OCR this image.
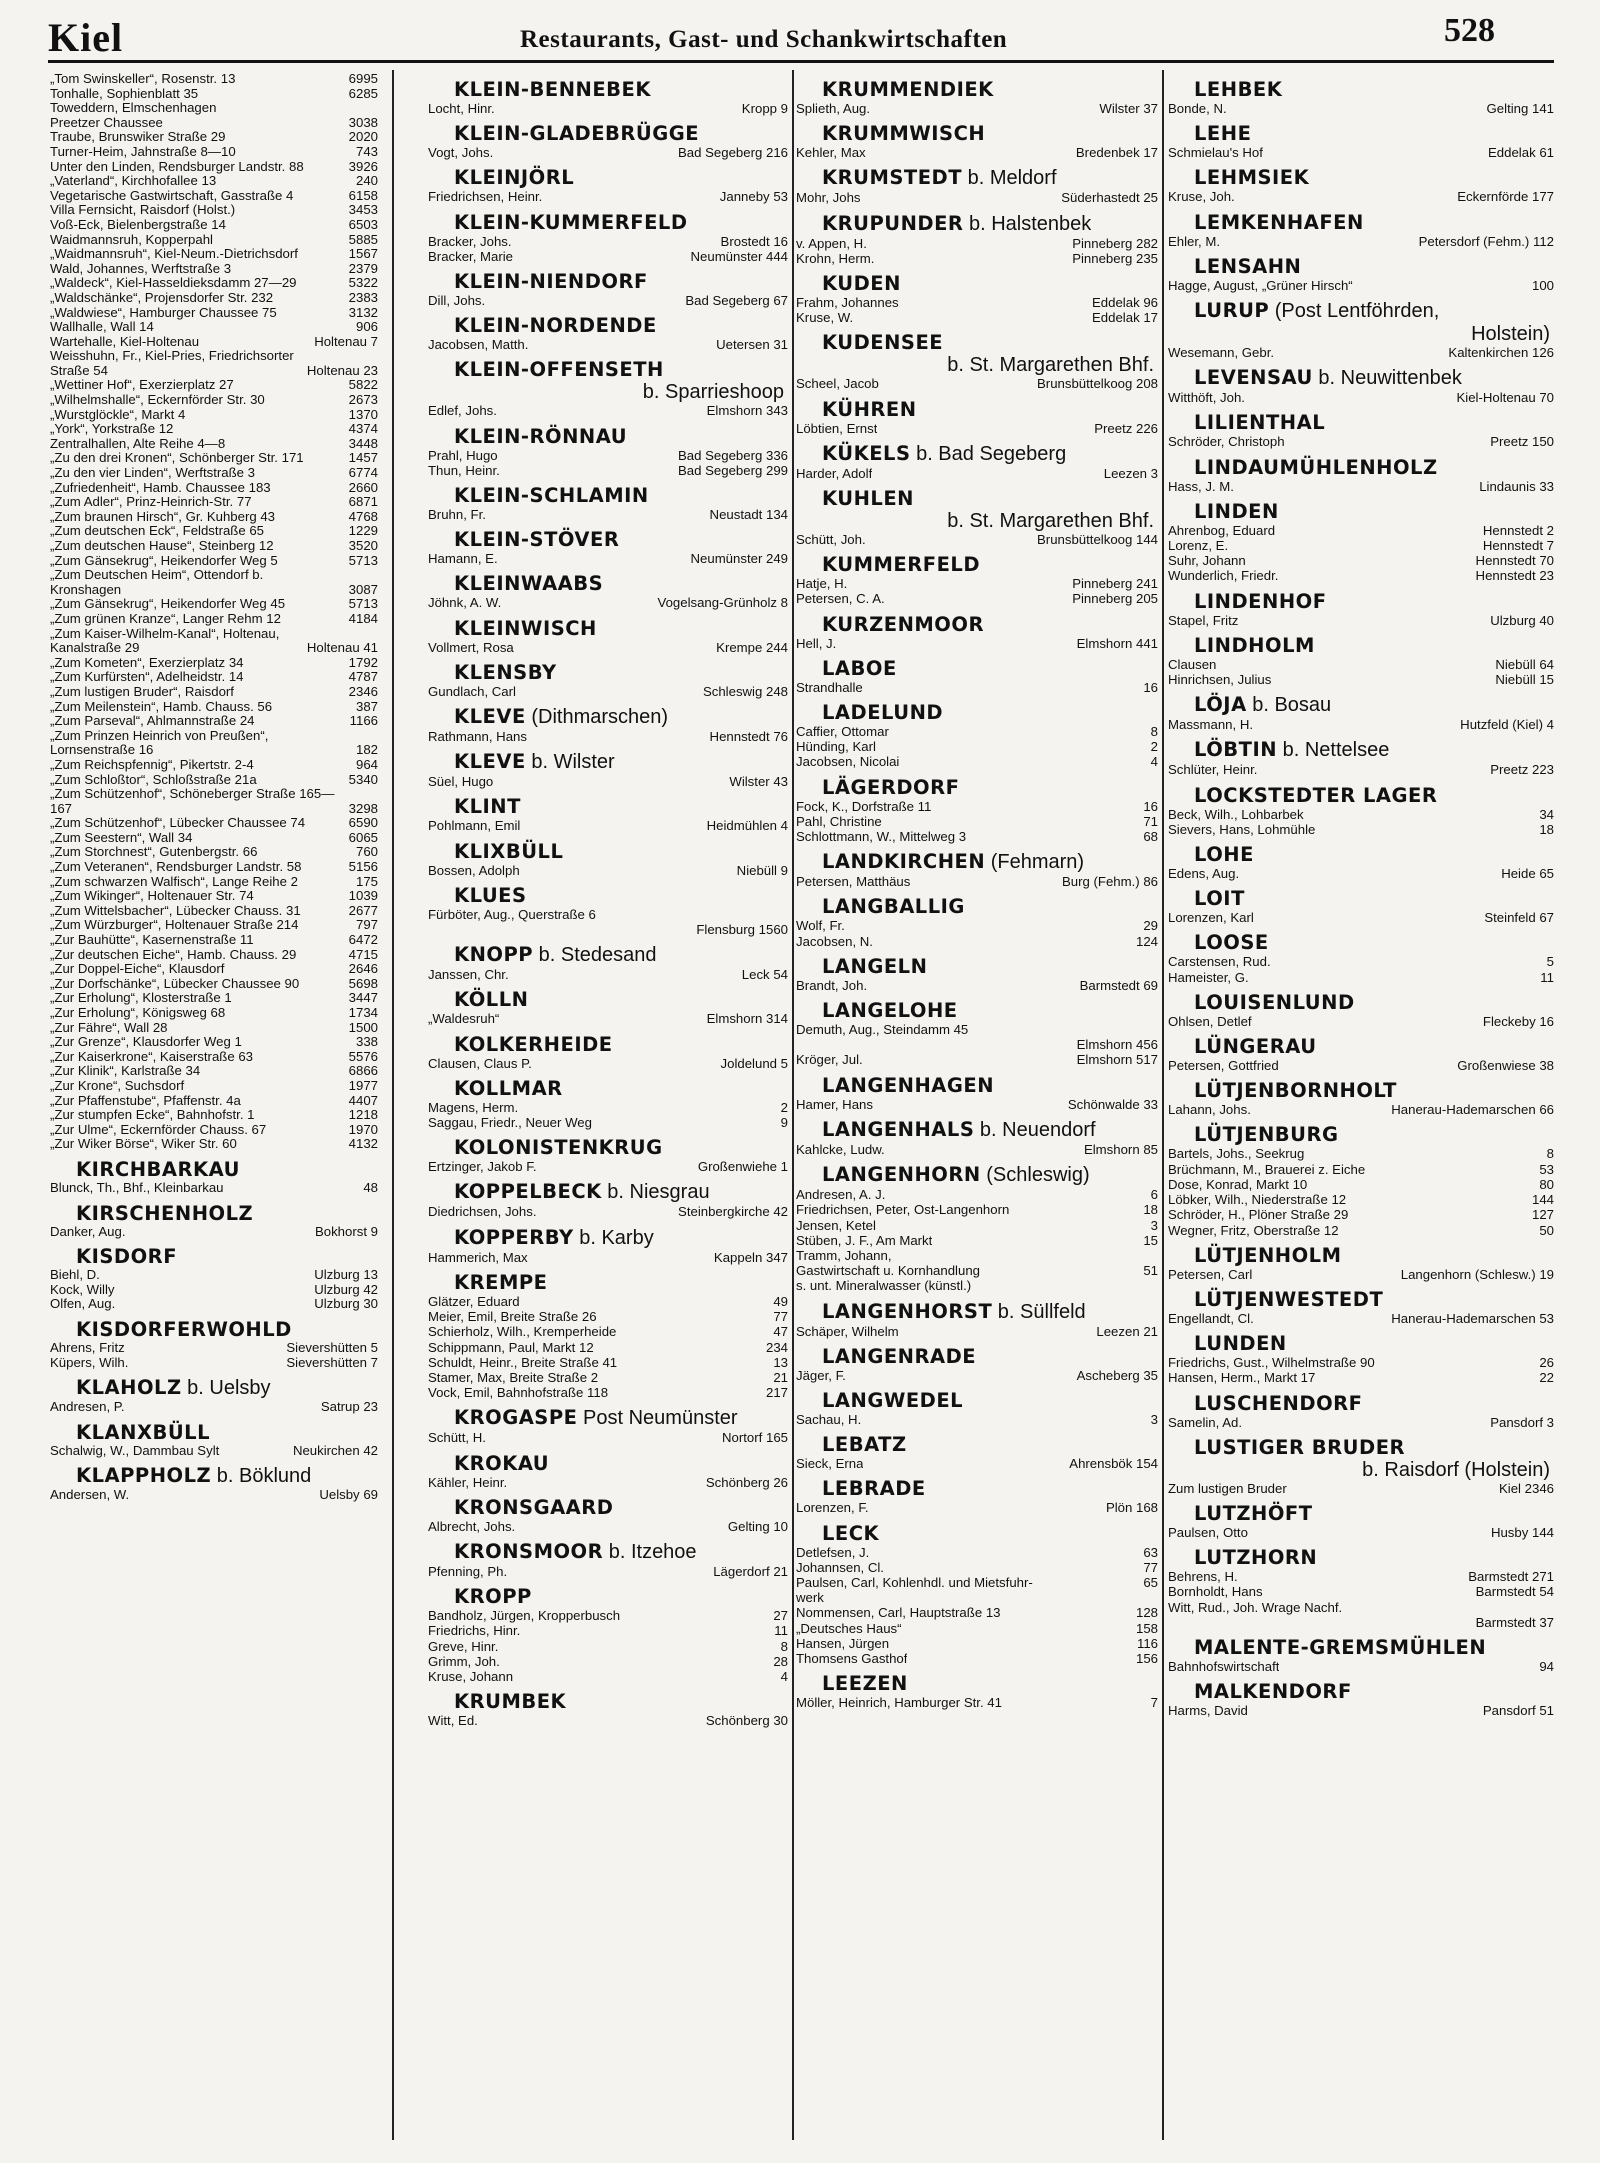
Kiel	Restaurants, Gast- und Schankwirtschaften	528
„Tom Swinskeller“, Rosenstr. 13	6995
Tonhalle, Sophienblatt 35	6285
Toweddern, Elmschenhagen
Preetzer Chaussee	3038
Traube, Brunswiker Straße 29	2020
Turner-Heim, Jahnstraße 8—10	743
Unter den Linden, Rendsburger Landstr. 88	3926
„Vaterland“, Kirchhofallee 13	240
Vegetarische Gastwirtschaft, Gasstraße 4	6158
Villa Fernsicht, Raisdorf (Holst.)	3453
Voß-Eck, Bielenbergstraße 14	6503
Waidmannsruh, Kopperpahl	5885
„Waidmannsruh“, Kiel-Neum.-Dietrichsdorf	1567
Wald, Johannes, Werftstraße 3	2379
„Waldeck“, Kiel-Hasseldieksdamm 27—29	5322
„Waldschänke“, Projensdorfer Str. 232	2383
„Waldwiese“, Hamburger Chaussee 75	3132
Wallhalle, Wall 14	906
Wartehalle, Kiel-Holtenau	Holtenau 7
Weisshuhn, Fr., Kiel-Pries, Friedrichsorter Straße 54	Holtenau 23
„Wettiner Hof“, Exerzierplatz 27	5822
„Wilhelmshalle“, Eckernförder Str. 30	2673
„Wurstglöckle“, Markt 4	1370
„York“, Yorkstraße 12	4374
Zentralhallen, Alte Reihe 4—8	3448
„Zu den drei Kronen“, Schönberger Str. 171	1457
„Zu den vier Linden“, Werftstraße 3	6774
„Zufriedenheit“, Hamb. Chaussee 183	2660
„Zum Adler“, Prinz-Heinrich-Str. 77	6871
„Zum braunen Hirsch“, Gr. Kuhberg 43	4768
„Zum deutschen Eck“, Feldstraße 65	1229
„Zum deutschen Hause“, Steinberg 12	3520
„Zum Gänsekrug“, Heikendorfer Weg 5	5713
„Zum Deutschen Heim“, Ottendorf b. Kronshagen	3087
„Zum Gänsekrug“, Heikendorfer Weg 45	5713
„Zum grünen Kranze“, Langer Rehm 12	4184
„Zum Kaiser-Wilhelm-Kanal“, Holtenau, Kanalstraße 29	Holtenau 41
„Zum Kometen“, Exerzierplatz 34	1792
„Zum Kurfürsten“, Adelheidstr. 14	4787
„Zum lustigen Bruder“, Raisdorf	2346
„Zum Meilenstein“, Hamb. Chauss. 56	387
„Zum Parseval“, Ahlmannstraße 24	1166
„Zum Prinzen Heinrich von Preußen“, Lornsenstraße 16	182
„Zum Reichspfennig“, Pikertstr. 2-4	964
„Zum Schloßtor“, Schloßstraße 21a	5340
„Zum Schützenhof“, Schöneberger Straße 165—167	3298
„Zum Schützenhof“, Lübecker Chaussee 74	6590
„Zum Seestern“, Wall 34	6065
„Zum Storchnest“, Gutenbergstr. 66	760
„Zum Veteranen“, Rendsburger Landstr. 58	5156
„Zum schwarzen Walfisch“, Lange Reihe 2	175
„Zum Wikinger“, Holtenauer Str. 74	1039
„Zum Wittelsbacher“, Lübecker Chauss. 31	2677
„Zum Würzburger“, Holtenauer Straße 214	797
„Zur Bauhütte“, Kasernenstraße 11	6472
„Zur deutschen Eiche“, Hamb. Chauss. 29	4715
„Zur Doppel-Eiche“, Klausdorf	2646
„Zur Dorfschänke“, Lübecker Chaussee 90	5698
„Zur Erholung“, Klosterstraße 1	3447
„Zur Erholung“, Königsweg 68	1734
„Zur Fähre“, Wall 28	1500
„Zur Grenze“, Klausdorfer Weg 1	338
„Zur Kaiserkrone“, Kaiserstraße 63	5576
„Zur Klinik“, Karlstraße 34	6866
„Zur Krone“, Suchsdorf	1977
„Zur Pfaffenstube“, Pfaffenstr. 4a	4407
„Zur stumpfen Ecke“, Bahnhofstr. 1	1218
„Zur Ulme“, Eckernförder Chauss. 67	1970
„Zur Wiker Börse“, Wiker Str. 60	4132
KIRCHBARKAU
Blunck, Th., Bhf., Kleinbarkau	48
KIRSCHENHOLZ
Danker, Aug.	Bokhorst 9
KISDORF
Biehl, D.	Ulzburg 13
Kock, Willy	Ulzburg 42
Olfen, Aug.	Ulzburg 30
KISDORFERWOHLD
Ahrens, Fritz	Sievershütten 5
Küpers, Wilh.	Sievershütten 7
KLAHOLZ b. Uelsby
Andresen, P.	Satrup 23
KLANXBÜLL
Schalwig, W., Dammbau Sylt	Neukirchen 42
KLAPPHOLZ b. Böklund
Andersen, W.	Uelsby 69
KLEIN-BENNEBEK
Locht, Hinr.	Kropp 9
KLEIN-GLADEBRÜGGE
Vogt, Johs.	Bad Segeberg 216
KLEINJÖRL
Friedrichsen, Heinr.	Janneby 53
KLEIN-KUMMERFELD
Bracker, Johs.	Brostedt 16
Bracker, Marie	Neumünster 444
KLEIN-NIENDORF
Dill, Johs.	Bad Segeberg 67
KLEIN-NORDENDE
Jacobsen, Matth.	Uetersen 31
KLEIN-OFFENSETH
b. Sparrieshoop
Edlef, Johs.	Elmshorn 343
KLEIN-RÖNNAU
Prahl, Hugo	Bad Segeberg 336
Thun, Heinr.	Bad Segeberg 299
KLEIN-SCHLAMIN
Bruhn, Fr.	Neustadt 134
KLEIN-STÖVER
Hamann, E.	Neumünster 249
KLEINWAABS
Jöhnk, A. W.	Vogelsang-Grünholz 8
KLEINWISCH
Vollmert, Rosa	Krempe 244
KLENSBY
Gundlach, Carl	Schleswig 248
KLEVE (Dithmarschen)
Rathmann, Hans	Hennstedt 76
KLEVE b. Wilster
Süel, Hugo	Wilster 43
KLINT
Pohlmann, Emil	Heidmühlen 4
KLIXBÜLL
Bossen, Adolph	Niebüll 9
KLUES
Fürböter, Aug., Querstraße 6
Flensburg 1560
KNOPP b. Stedesand
Janssen, Chr.	Leck 54
KÖLLN
„Waldesruh“	Elmshorn 314
KOLKERHEIDE
Clausen, Claus P.	Joldelund 5
KOLLMAR
Magens, Herm.	2
Saggau, Friedr., Neuer Weg	9
KOLONISTENKRUG
Ertzinger, Jakob F.	Großenwiehe 1
KOPPELBECK b. Niesgrau
Diedrichsen, Johs.	Steinbergkirche 42
KOPPERBY b. Karby
Hammerich, Max	Kappeln 347
KREMPE
Glätzer, Eduard	49
Meier, Emil, Breite Straße 26	77
Schierholz, Wilh., Kremperheide	47
Schippmann, Paul, Markt 12	234
Schuldt, Heinr., Breite Straße 41	13
Stamer, Max, Breite Straße 2	21
Vock, Emil, Bahnhofstraße 118	217
KROGASPE Post Neumünster
Schütt, H.	Nortorf 165
KROKAU
Kähler, Heinr.	Schönberg 26
KRONSGAARD
Albrecht, Johs.	Gelting 10
KRONSMOOR b. Itzehoe
Pfenning, Ph.	Lägerdorf 21
KROPP
Bandholz, Jürgen, Kropperbusch	27
Friedrichs, Hinr.	11
Greve, Hinr.	8
Grimm, Joh.	28
Kruse, Johann	4
KRUMBEK
Witt, Ed.	Schönberg 30
KRUMMENDIEK
Splieth, Aug.	Wilster 37
KRUMMWISCH
Kehler, Max	Bredenbek 17
KRUMSTEDT b. Meldorf
Mohr, Johs	Süderhastedt 25
KRUPUNDER b. Halstenbek
v. Appen, H.	Pinneberg 282
Krohn, Herm.	Pinneberg 235
KUDEN
Frahm, Johannes	Eddelak 96
Kruse, W.	Eddelak 17
KUDENSEE
b. St. Margarethen Bhf.
Scheel, Jacob	Brunsbüttelkoog 208
KÜHREN
Löbtien, Ernst	Preetz 226
KÜKELS b. Bad Segeberg
Harder, Adolf	Leezen 3
KUHLEN
b. St. Margarethen Bhf.
Schütt, Joh.	Brunsbüttelkoog 144
KUMMERFELD
Hatje, H.	Pinneberg 241
Petersen, C. A.	Pinneberg 205
KURZENMOOR
Hell, J.	Elmshorn 441
LABOE
Strandhalle	16
LADELUND
Caffier, Ottomar	8
Hünding, Karl	2
Jacobsen, Nicolai	4
LÄGERDORF
Fock, K., Dorfstraße 11	16
Pahl, Christine	71
Schlottmann, W., Mittelweg 3	68
LANDKIRCHEN (Fehmarn)
Petersen, Matthäus	Burg (Fehm.) 86
LANGBALLIG
Wolf, Fr.	29
Jacobsen, N.	124
LANGELN
Brandt, Joh.	Barmstedt 69
LANGELOHE
Demuth, Aug., Steindamm 45
Elmshorn 456
Kröger, Jul.	Elmshorn 517
LANGENHAGEN
Hamer, Hans	Schönwalde 33
LANGENHALS b. Neuendorf
Kahlcke, Ludw.	Elmshorn 85
LANGENHORN (Schleswig)
Andresen, A. J.	6
Friedrichsen, Peter, Ost-Langenhorn	18
Jensen, Ketel	3
Stüben, J. F., Am Markt	15
Tramm, Johann,
Gastwirtschaft u. Kornhandlung	51
s. unt. Mineralwasser (künstl.)
LANGENHORST b. Süllfeld
Schäper, Wilhelm	Leezen 21
LANGENRADE
Jäger, F.	Ascheberg 35
LANGWEDEL
Sachau, H.	3
LEBATZ
Sieck, Erna	Ahrensbök 154
LEBRADE
Lorenzen, F.	Plön 168
LECK
Detlefsen, J.	63
Johannsen, Cl.	77
Paulsen, Carl, Kohlenhdl. und Mietsfuhr-	65
werk
Nommensen, Carl, Hauptstraße 13	128
„Deutsches Haus“	158
Hansen, Jürgen	116
Thomsens Gasthof	156
LEEZEN
Möller, Heinrich, Hamburger Str. 41	7
LEHBEK
Bonde, N.	Gelting 141
LEHE
Schmielau's Hof	Eddelak 61
LEHMSIEK
Kruse, Joh.	Eckernförde 177
LEMKENHAFEN
Ehler, M.	Petersdorf (Fehm.) 112
LENSAHN
Hagge, August, „Grüner Hirsch“	100
LURUP (Post Lentföhrden,
Holstein)
Wesemann, Gebr.	Kaltenkirchen 126
LEVENSAU b. Neuwittenbek
Witthöft, Joh.	Kiel-Holtenau 70
LILIENTHAL
Schröder, Christoph	Preetz 150
LINDAUMÜHLENHOLZ
Hass, J. M.	Lindaunis 33
LINDEN
Ahrenbog, Eduard	Hennstedt 2
Lorenz, E.	Hennstedt 7
Suhr, Johann	Hennstedt 70
Wunderlich, Friedr.	Hennstedt 23
LINDENHOF
Stapel, Fritz	Ulzburg 40
LINDHOLM
Clausen	Niebüll 64
Hinrichsen, Julius	Niebüll 15
LÖJA b. Bosau
Massmann, H.	Hutzfeld (Kiel) 4
LÖBTIN b. Nettelsee
Schlüter, Heinr.	Preetz 223
LOCKSTEDTER LAGER
Beck, Wilh., Lohbarbek	34
Sievers, Hans, Lohmühle	18
LOHE
Edens, Aug.	Heide 65
LOIT
Lorenzen, Karl	Steinfeld 67
LOOSE
Carstensen, Rud.	5
Hameister, G.	11
LOUISENLUND
Ohlsen, Detlef	Fleckeby 16
LÜNGERAU
Petersen, Gottfried	Großenwiese 38
LÜTJENBORNHOLT
Lahann, Johs.	Hanerau-Hademarschen 66
LÜTJENBURG
Bartels, Johs., Seekrug	8
Brüchmann, M., Brauerei z. Eiche	53
Dose, Konrad, Markt 10	80
Löbker, Wilh., Niederstraße 12	144
Schröder, H., Plöner Straße 29	127
Wegner, Fritz, Oberstraße 12	50
LÜTJENHOLM
Petersen, Carl	Langenhorn (Schlesw.) 19
LÜTJENWESTEDT
Engellandt, Cl.	Hanerau-Hademarschen 53
LUNDEN
Friedrichs, Gust., Wilhelmstraße 90	26
Hansen, Herm., Markt 17	22
LUSCHENDORF
Samelin, Ad.	Pansdorf 3
LUSTIGER BRUDER
b. Raisdorf (Holstein)
Zum lustigen Bruder	Kiel 2346
LUTZHÖFT
Paulsen, Otto	Husby 144
LUTZHORN
Behrens, H.	Barmstedt 271
Bornholdt, Hans	Barmstedt 54
Witt, Rud., Joh. Wrage Nachf.
Barmstedt 37
MALENTE-GREMSMÜHLEN
Bahnhofswirtschaft	94
MALKENDORF
Harms, David	Pansdorf 51
